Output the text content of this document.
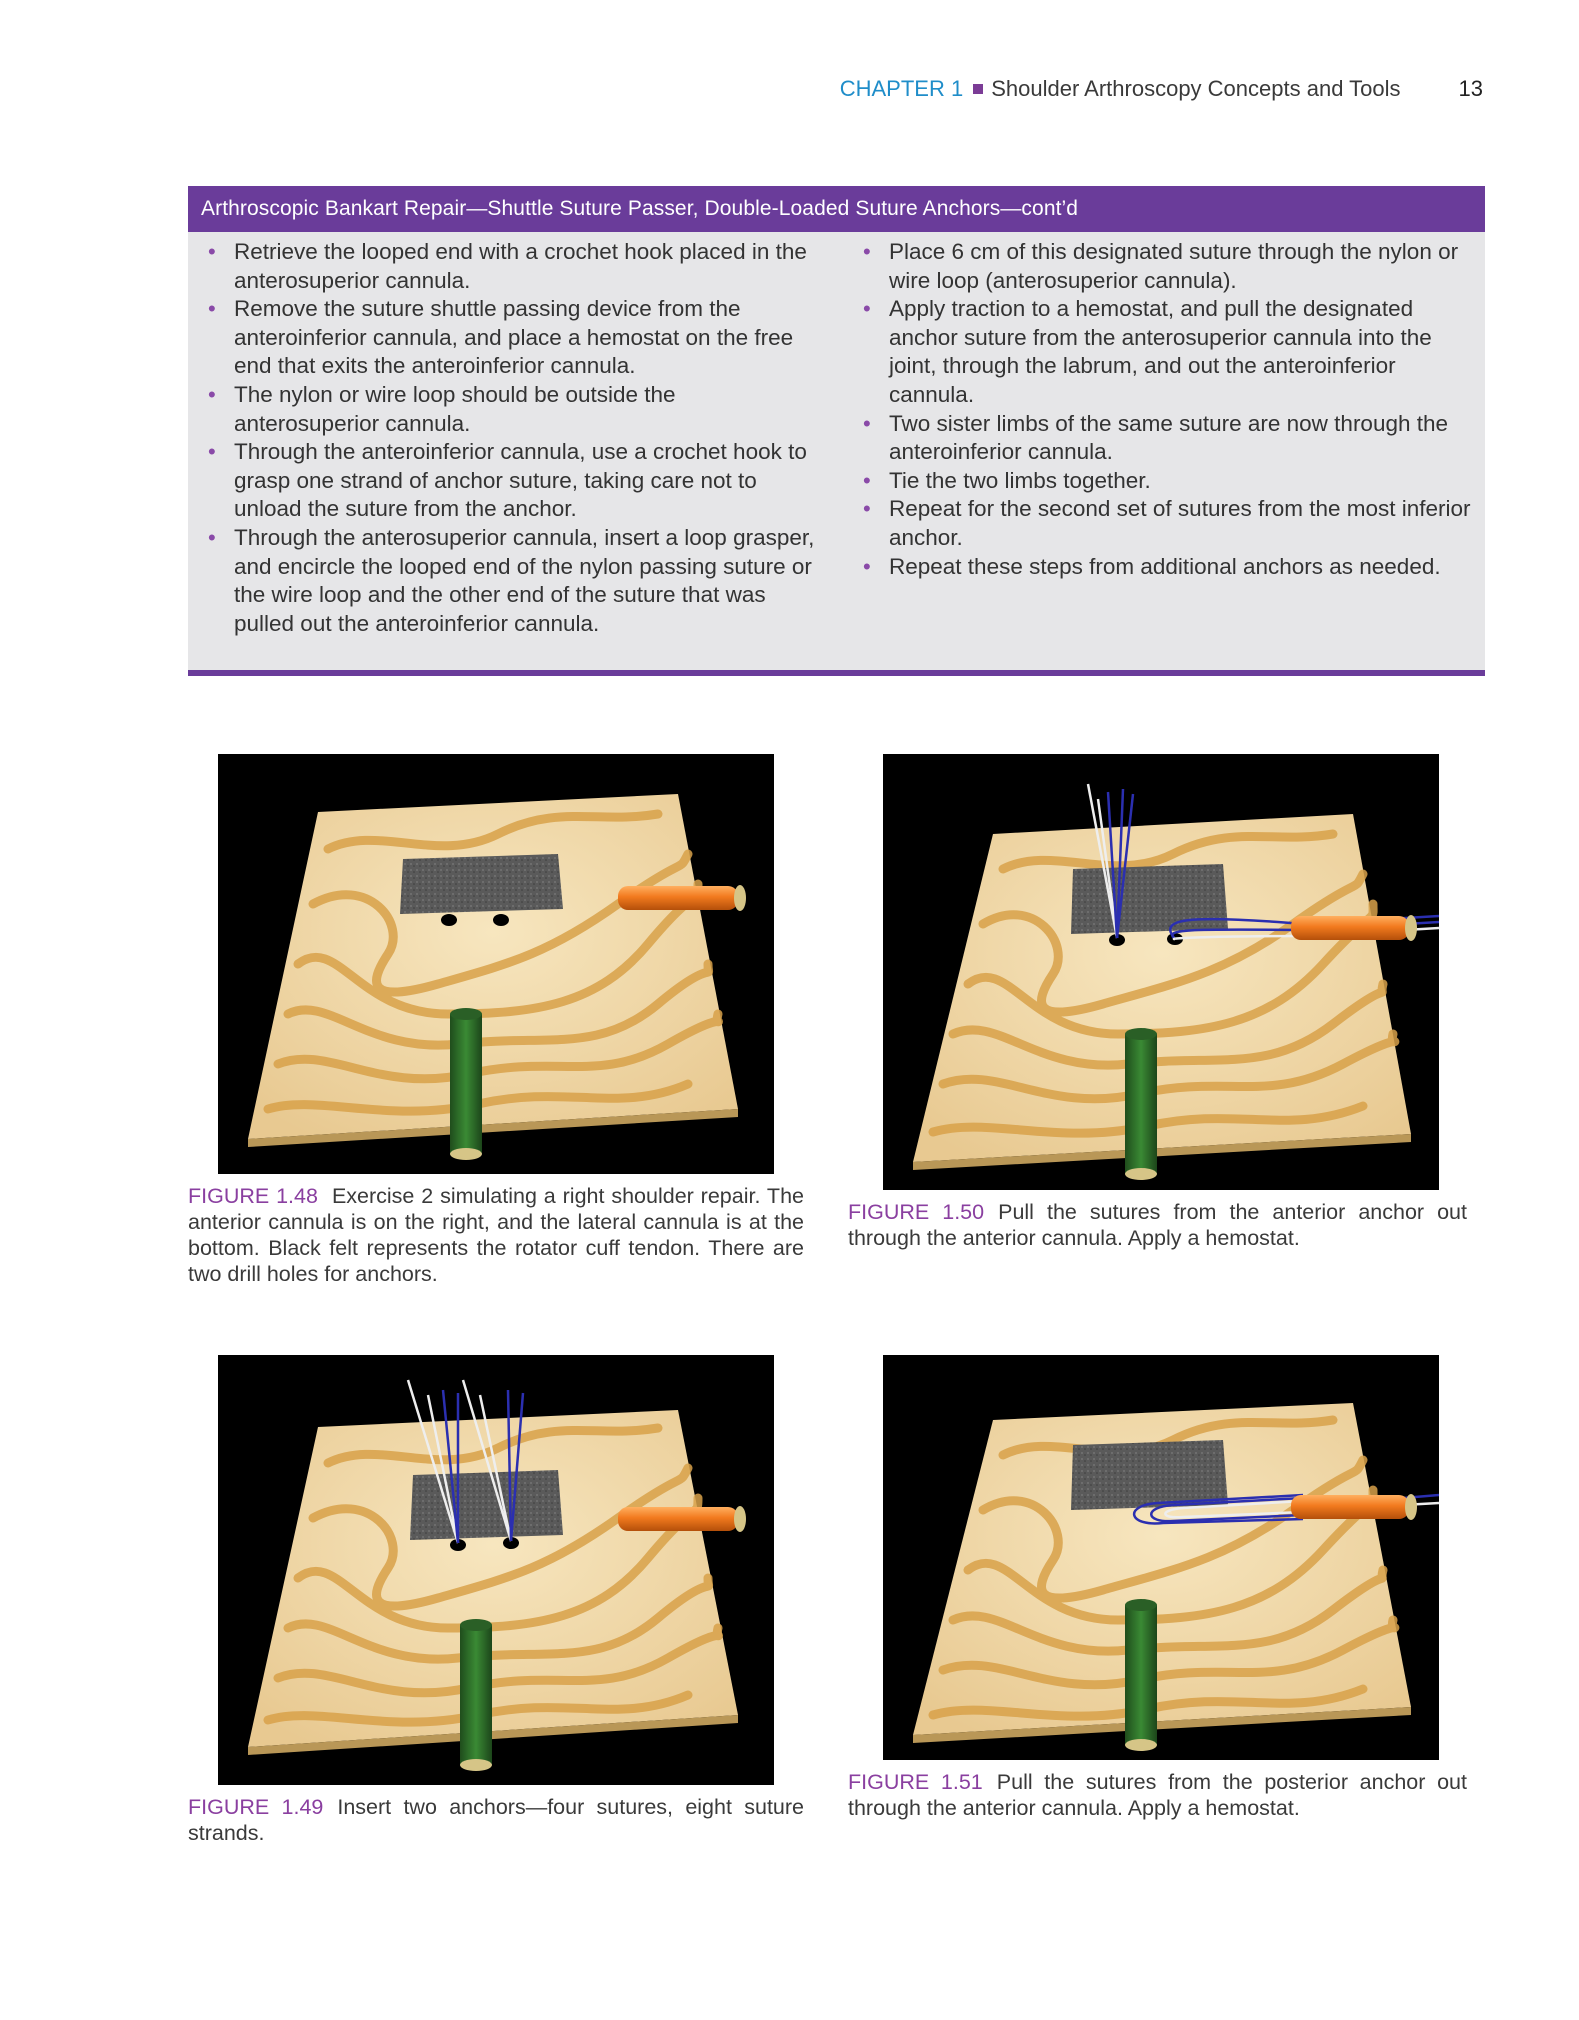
CHAPTER 1 Shoulder Arthroscopy Concepts and Tools	13
Arthroscopic Bankart Repair—Shuttle Suture Passer, Double-Loaded Suture Anchors—cont’d
• Retrieve the looped end with a crochet hook placed in the anterosuperior cannula.
• Remove the suture shuttle passing device from the anteroinferior cannula, and place a hemostat on the free end that exits the anteroinferior cannula.
• The nylon or wire loop should be outside the anterosuperior cannula.
• Through the anteroinferior cannula, use a crochet hook to grasp one strand of anchor suture, taking care not to unload the suture from the anchor.
• Through the anterosuperior cannula, insert a loop grasper, and encircle the looped end of the nylon passing suture or the wire loop and the other end of the suture that was pulled out the anteroinferior cannula.
• Place 6 cm of this designated suture through the nylon or wire loop (anterosuperior cannula).
• Apply traction to a hemostat, and pull the designated anchor suture from the anterosuperior cannula into the joint, through the labrum, and out the anteroinferior cannula.
• Two sister limbs of the same suture are now through the anteroinferior cannula.
• Tie the two limbs together.
• Repeat for the second set of sutures from the most inferior anchor.
• Repeat these steps from additional anchors as needed.

FIGURE 1.48 Exercise 2 simulating a right shoulder repair. The anterior cannula is on the right, and the lateral cannula is at the bottom. Black felt represents the rotator cuff tendon. There are two drill holes for anchors.

FIGURE 1.50 Pull the sutures from the anterior anchor out through the anterior cannula. Apply a hemostat.

FIGURE 1.49 Insert two anchors—four sutures, eight suture strands.

FIGURE 1.51 Pull the sutures from the posterior anchor out through the anterior cannula. Apply a hemostat.
